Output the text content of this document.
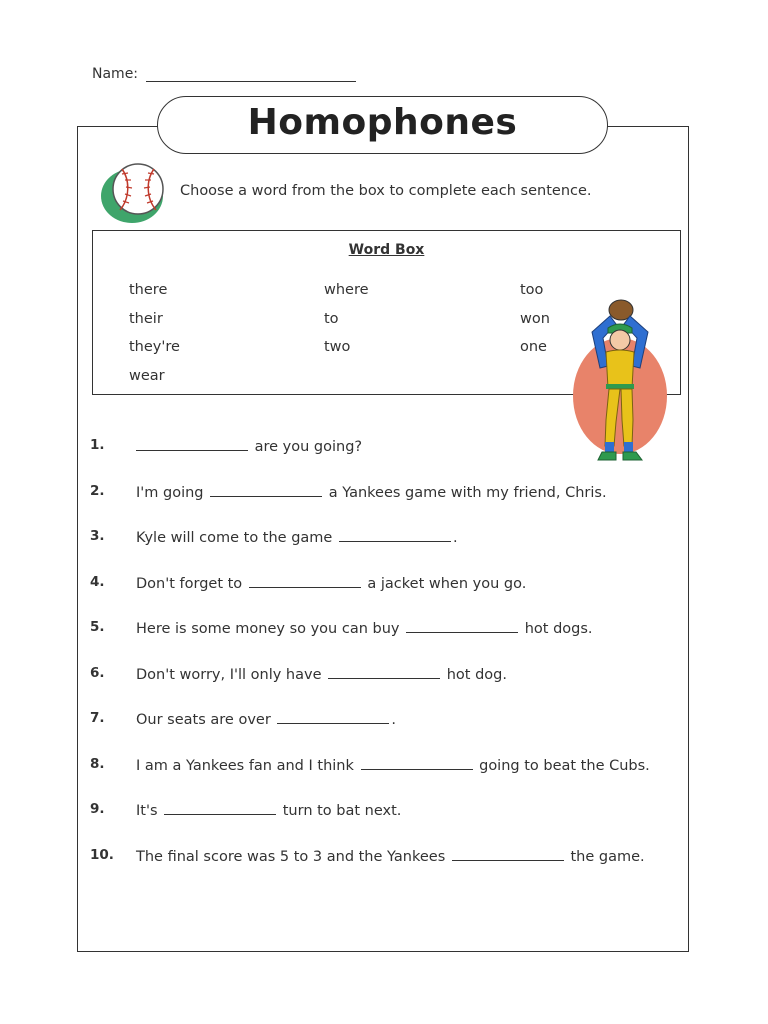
Name:
Homophones
Choose a word from the box to complete each sentence.
Word Box
there	where	too
their	to	won
they're	two	one
wear
1.	are you going?
2. I'm going	a Yankees game with my friend, Chris.
3. Kyle will come to the game	.
4. Don't forget to	a jacket when you go.
5. Here is some money so you can buy	hot dogs.
6. Don't worry, I'll only have	hot dog.
7. Our seats are over	.
8. I am a Yankees fan and I think	going to beat the Cubs.
9. It's	turn to bat next.
10. The final score was 5 to 3 and the Yankees	the game.
